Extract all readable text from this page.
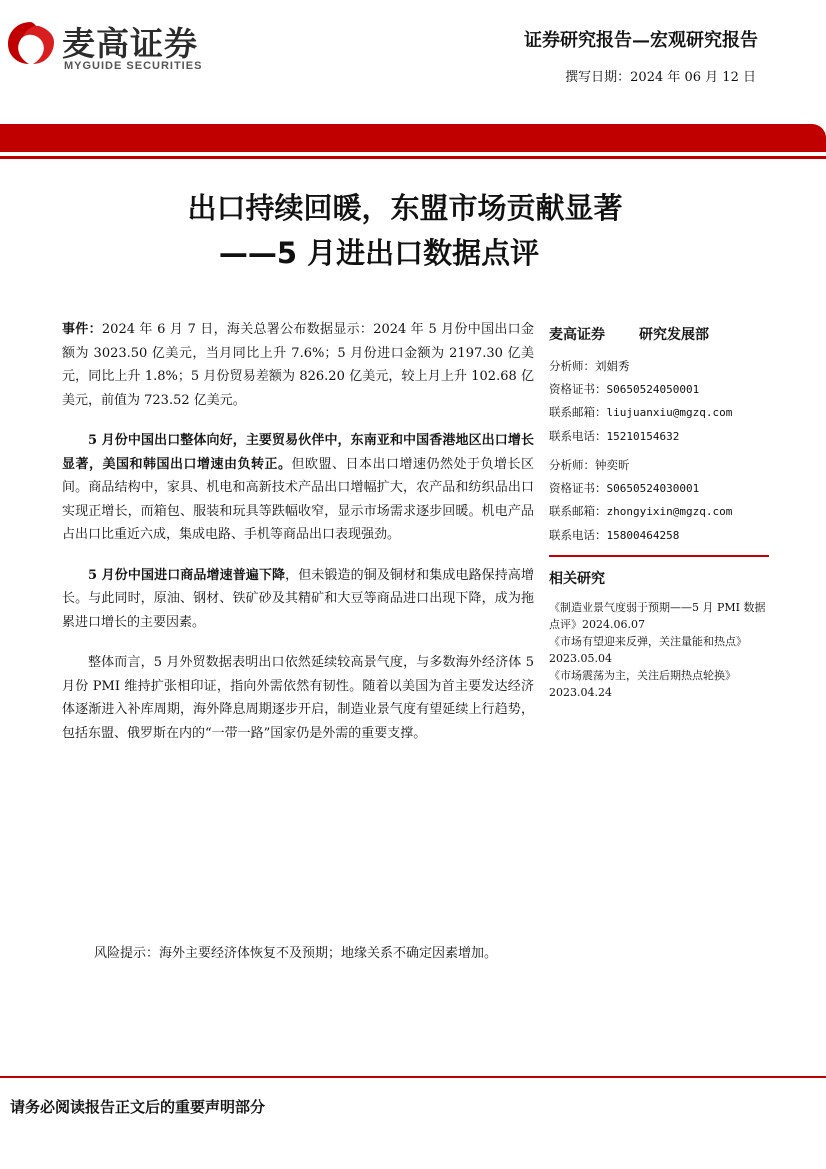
麦高证券
MYGUIDE SECURITIES
证券研究报告—宏观研究报告
撰写日期：2024 年 06 月 12 日
出口持续回暖，东盟市场贡献显著
——5 月进出口数据点评

事件：2024 年 6 月 7 日，海关总署公布数据显示：2024 年 5 月份中国出口金额为 3023.50 亿美元，当月同比上升 7.6%；5 月份进口金额为 2197.30 亿美元，同比上升 1.8%；5 月份贸易差额为 826.20 亿美元，较上月上升 102.68 亿美元，前值为 723.52 亿美元。

5 月份中国出口整体向好，主要贸易伙伴中，东南亚和中国香港地区出口增长显著，美国和韩国出口增速由负转正。但欧盟、日本出口增速仍然处于负增长区间。商品结构中，家具、机电和高新技术产品出口增幅扩大，农产品和纺织品出口实现正增长，而箱包、服装和玩具等跌幅收窄，显示市场需求逐步回暖。机电产品占出口比重近六成，集成电路、手机等商品出口表现强劲。

5 月份中国进口商品增速普遍下降，但未锻造的铜及铜材和集成电路保持高增长。与此同时，原油、钢材、铁矿砂及其精矿和大豆等商品进口出现下降，成为拖累进口增长的主要因素。

整体而言，5 月外贸数据表明出口依然延续较高景气度，与多数海外经济体 5 月份 PMI 维持扩张相印证，指向外需依然有韧性。随着以美国为首主要发达经济体逐渐进入补库周期，海外降息周期逐步开启，制造业景气度有望延续上行趋势，包括东盟、俄罗斯在内的“一带一路”国家仍是外需的重要支撑。

风险提示：海外主要经济体恢复不及预期；地缘关系不确定因素增加。
麦高证券 研究发展部
分析师：刘娟秀
资格证书：S0650524050001
联系邮箱：liujuanxiu@mgzq.com
联系电话：15210154632
分析师：钟奕昕
资格证书：S0650524030001
联系邮箱：zhongyixin@mgzq.com
联系电话：15800464258
相关研究
《制造业景气度弱于预期——5 月 PMI 数据点评》2024.06.07
《市场有望迎来反弹，关注量能和热点》2023.05.04
《市场震荡为主，关注后期热点轮换》2023.04.24
请务必阅读报告正文后的重要声明部分
